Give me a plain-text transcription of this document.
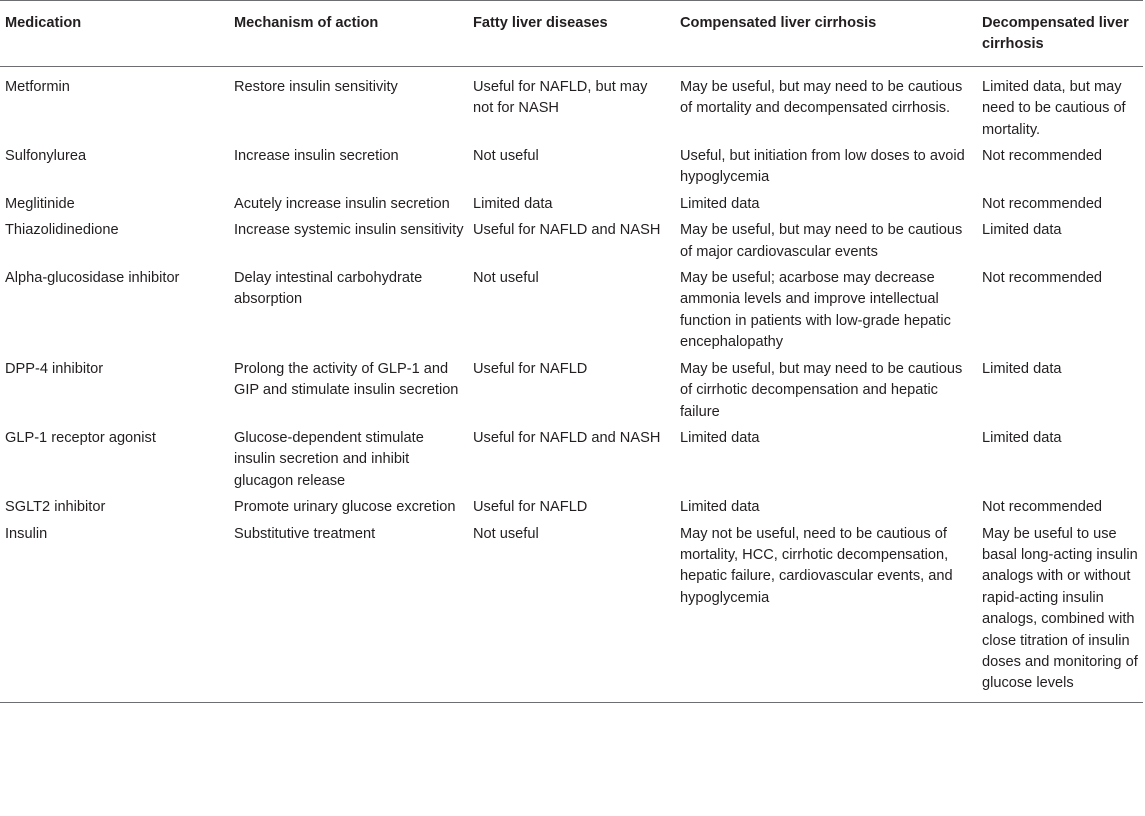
Medication	Mechanism of action	Fatty liver diseases	Compensated liver cirrhosis	Decompensated liver cirrhosis
Metformin	Restore insulin sensitivity	Useful for NAFLD, but may not for NASH	May be useful, but may need to be cautious of mortality and decompensated cirrhosis.	Limited data, but may need to be cautious of mortality.
Sulfonylurea	Increase insulin secretion	Not useful	Useful, but initiation from low doses to avoid hypoglycemia	Not recommended
Meglitinide	Acutely increase insulin secretion	Limited data	Limited data	Not recommended
Thiazolidinedione	Increase systemic insulin sensitivity	Useful for NAFLD and NASH	May be useful, but may need to be cautious of major cardiovascular events	Limited data
Alpha-glucosidase inhibitor	Delay intestinal carbohydrate absorption	Not useful	May be useful; acarbose may decrease ammonia levels and improve intellectual function in patients with low-grade hepatic encephalopathy	Not recommended
DPP-4 inhibitor	Prolong the activity of GLP-1 and GIP and stimulate insulin secretion	Useful for NAFLD	May be useful, but may need to be cautious of cirrhotic decompensation and hepatic failure	Limited data
GLP-1 receptor agonist	Glucose-dependent stimulate insulin secretion and inhibit glucagon release	Useful for NAFLD and NASH	Limited data	Limited data
SGLT2 inhibitor	Promote urinary glucose excretion	Useful for NAFLD	Limited data	Not recommended
Insulin	Substitutive treatment	Not useful	May not be useful, need to be cautious of mortality, HCC, cirrhotic decompensation, hepatic failure, cardiovascular events, and hypoglycemia	May be useful to use basal long-acting insulin analogs with or without rapid-acting insulin analogs, combined with close titration of insulin doses and monitoring of glucose levels
